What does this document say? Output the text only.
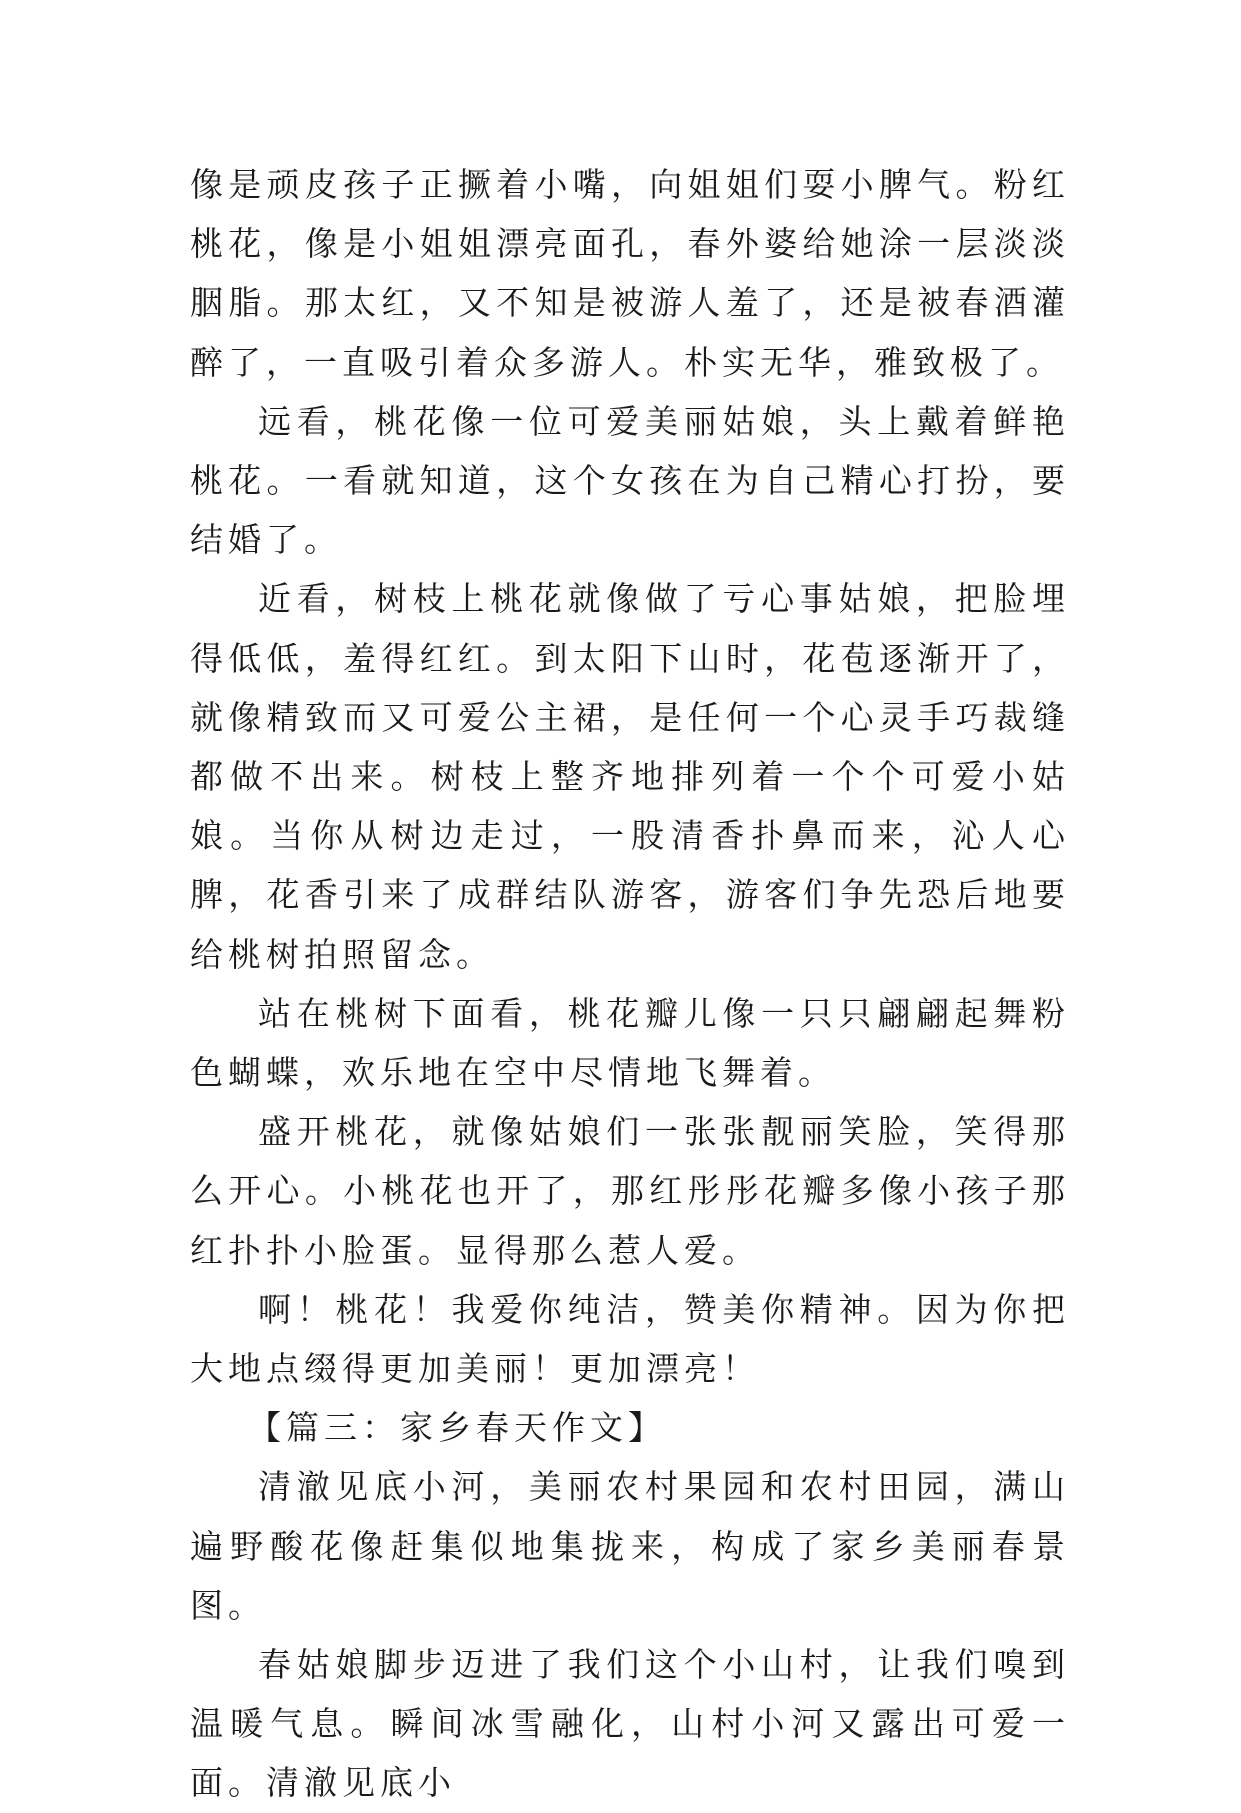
像是顽皮孩子正撅着小嘴，向姐姐们耍小脾气。粉红桃花，像是小姐姐漂亮面孔，春外婆给她涂一层淡淡胭脂。那太红，又不知是被游人羞了，还是被春酒灌醉了，一直吸引着众多游人。朴实无华，雅致极了。

远看，桃花像一位可爱美丽姑娘，头上戴着鲜艳桃花。一看就知道，这个女孩在为自己精心打扮，要结婚了。

近看，树枝上桃花就像做了亏心事姑娘，把脸埋得低低，羞得红红。到太阳下山时，花苞逐渐开了，就像精致而又可爱公主裙，是任何一个心灵手巧裁缝都做不出来。树枝上整齐地排列着一个个可爱小姑娘。当你从树边走过，一股清香扑鼻而来，沁人心脾，花香引来了成群结队游客，游客们争先恐后地要给桃树拍照留念。

站在桃树下面看，桃花瓣儿像一只只翩翩起舞粉色蝴蝶，欢乐地在空中尽情地飞舞着。

盛开桃花，就像姑娘们一张张靓丽笑脸，笑得那么开心。小桃花也开了，那红彤彤花瓣多像小孩子那红扑扑小脸蛋。显得那么惹人爱。

啊！桃花！我爱你纯洁，赞美你精神。因为你把大地点缀得更加美丽！更加漂亮！

【篇三：家乡春天作文】

清澈见底小河，美丽农村果园和农村田园，满山遍野酸花像赶集似地集拢来，构成了家乡美丽春景图。

春姑娘脚步迈进了我们这个小山村，让我们嗅到温暖气息。瞬间冰雪融化，山村小河又露出可爱一面。清澈见底小
